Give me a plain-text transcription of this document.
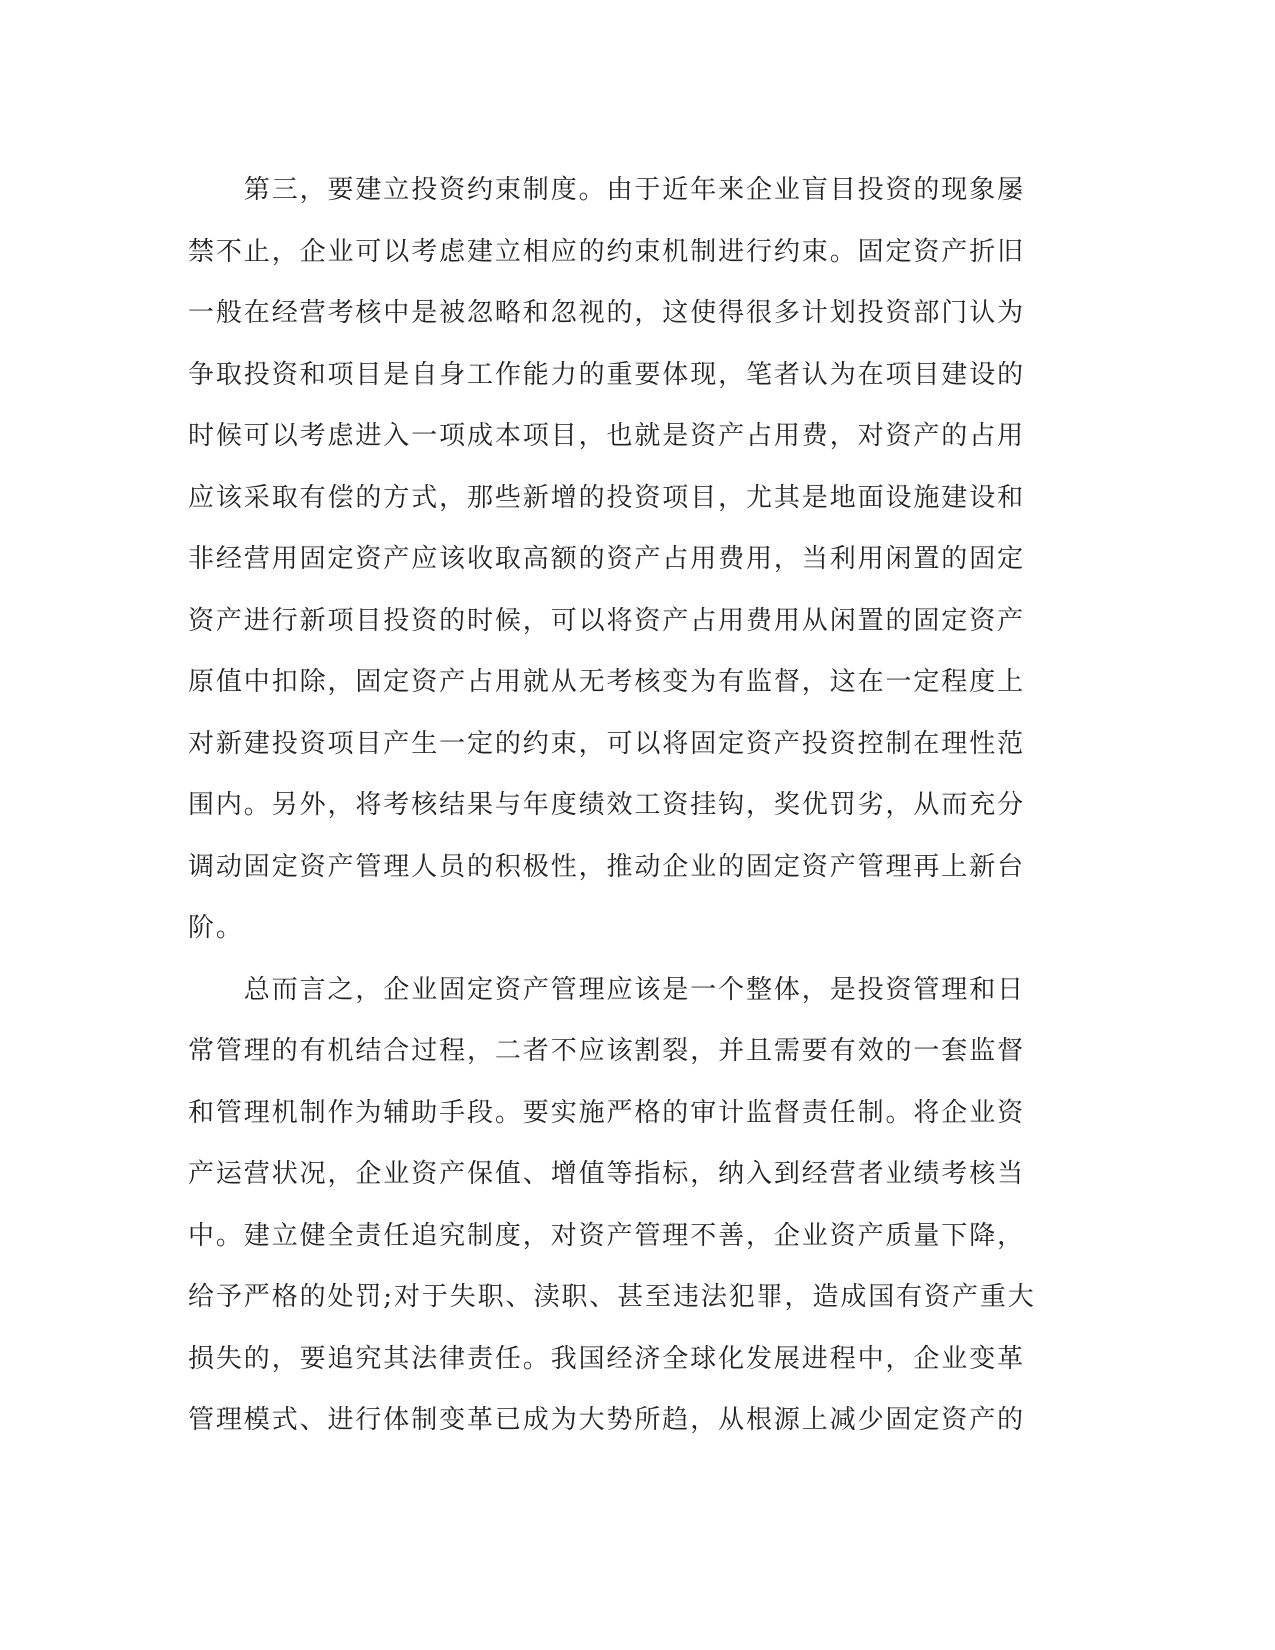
　　第三，要建立投资约束制度。由于近年来企业盲目投资的现象屡
禁不止，企业可以考虑建立相应的约束机制进行约束。固定资产折旧
一般在经营考核中是被忽略和忽视的，这使得很多计划投资部门认为
争取投资和项目是自身工作能力的重要体现，笔者认为在项目建设的
时候可以考虑进入一项成本项目，也就是资产占用费，对资产的占用
应该采取有偿的方式，那些新增的投资项目，尤其是地面设施建设和
非经营用固定资产应该收取高额的资产占用费用，当利用闲置的固定
资产进行新项目投资的时候，可以将资产占用费用从闲置的固定资产
原值中扣除，固定资产占用就从无考核变为有监督，这在一定程度上
对新建投资项目产生一定的约束，可以将固定资产投资控制在理性范
围内。另外，将考核结果与年度绩效工资挂钩，奖优罚劣，从而充分
调动固定资产管理人员的积极性，推动企业的固定资产管理再上新台
阶。
　　总而言之，企业固定资产管理应该是一个整体，是投资管理和日
常管理的有机结合过程，二者不应该割裂，并且需要有效的一套监督
和管理机制作为辅助手段。要实施严格的审计监督责任制。将企业资
产运营状况，企业资产保值、增值等指标，纳入到经营者业绩考核当
中。建立健全责任追究制度，对资产管理不善，企业资产质量下降，
给予严格的处罚;对于失职、渎职、甚至违法犯罪，造成国有资产重大
损失的，要追究其法律责任。我国经济全球化发展进程中，企业变革
管理模式、进行体制变革已成为大势所趋，从根源上减少固定资产的
